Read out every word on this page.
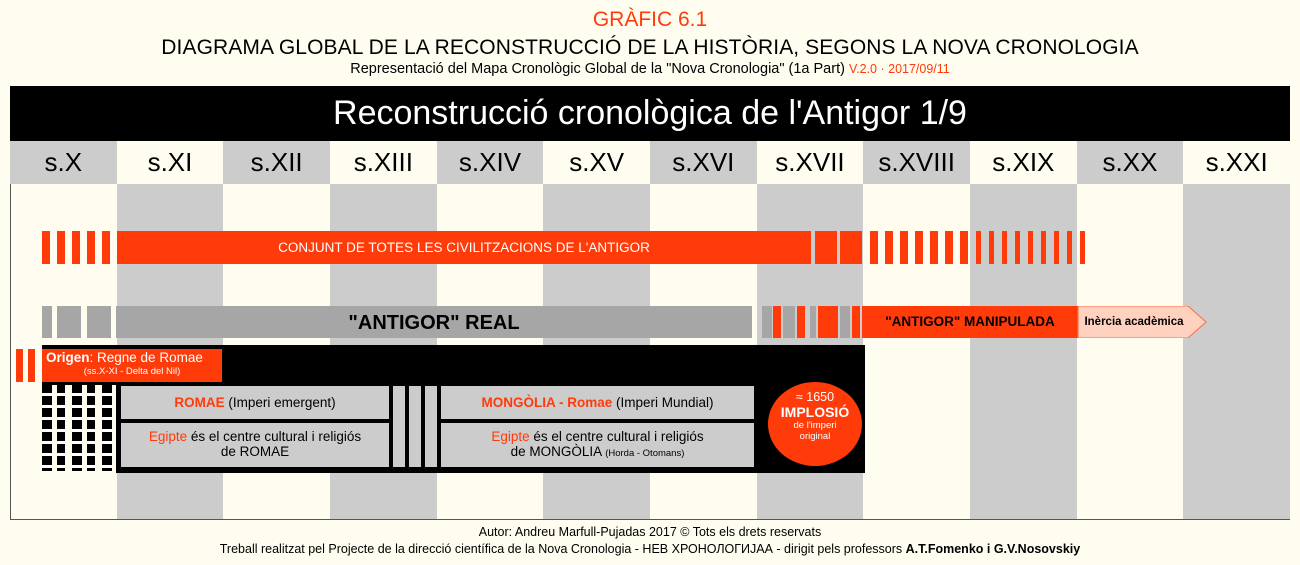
GRÀFIC 6.1
DIAGRAMA GLOBAL DE LA RECONSTRUCCIÓ DE LA HISTÒRIA, SEGONS LA NOVA CRONOLOGIA
Representació del Mapa Cronològic Global de la "Nova Cronologia" (1a Part) V.2.0 · 2017/09/11
Reconstrucció cronològica de l'Antigor 1/9
s.X	s.XI	s.XII	s.XIII	s.XIV	s.XV	s.XVI	s.XVII	s.XVIII	s.XIX	s.XX	s.XXI
CONJUNT DE TOTES LES CIVILITZACIONS DE L'ANTIGOR
"ANTIGOR" REAL	"ANTIGOR" MANIPULADA	Inèrcia acadèmica
Origen: Regne de Romae
(ss.X-XI - Delta del Nil)
ROMAE (Imperi emergent)
Egipte és el centre cultural i religiós
de ROMAE
MONGÒLIA - Romae (Imperi Mundial)
Egipte és el centre cultural i religiós
de MONGÒLIA (Horda - Otomans)
≈ 1650
IMPLOSIÓ
de l'imperi
original
Autor: Andreu Marfull-Pujadas 2017 © Tots els drets reservats
Treball realitzat pel Projecte de la direcció científica de la Nova Cronologia - НЕВ ХРОНОЛОГИЈАА - dirigit pels professors A.T.Fomenko i G.V.Nosovskiy
